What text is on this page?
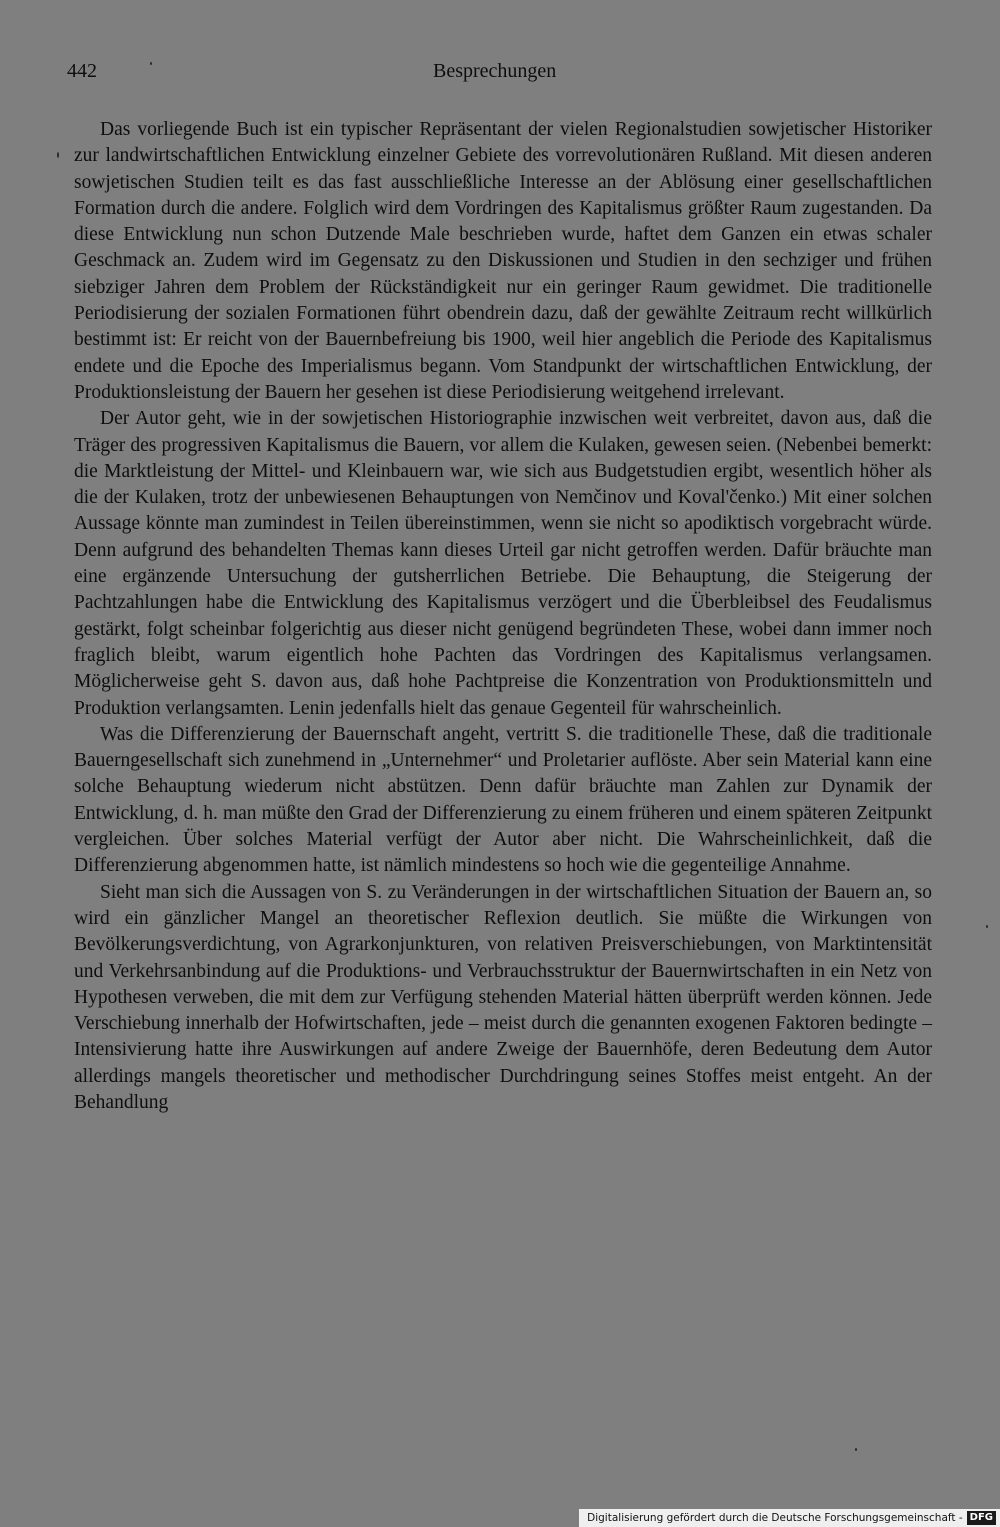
442	Besprechungen

Das vorliegende Buch ist ein typischer Repräsentant der vielen Regionalstudien sowjetischer Historiker zur landwirtschaftlichen Entwicklung einzelner Gebiete des vorrevolutionären Rußland. Mit diesen anderen sowjetischen Studien teilt es das fast ausschließliche Interesse an der Ablösung einer gesellschaftlichen Formation durch die andere. Folglich wird dem Vordringen des Kapitalismus größter Raum zugestanden. Da diese Entwicklung nun schon Dutzende Male beschrieben wurde, haftet dem Ganzen ein etwas schaler Geschmack an. Zudem wird im Gegensatz zu den Diskussionen und Studien in den sechziger und frühen siebziger Jahren dem Problem der Rückständigkeit nur ein geringer Raum gewidmet. Die traditionelle Periodisierung der sozialen Formationen führt obendrein dazu, daß der gewählte Zeitraum recht willkürlich bestimmt ist: Er reicht von der Bauernbefreiung bis 1900, weil hier angeblich die Periode des Kapitalismus endete und die Epoche des Imperialismus begann. Vom Standpunkt der wirtschaftlichen Entwicklung, der Produktionsleistung der Bauern her gesehen ist diese Periodisierung weitgehend irrelevant.

Der Autor geht, wie in der sowjetischen Historiographie inzwischen weit verbreitet, davon aus, daß die Träger des progressiven Kapitalismus die Bauern, vor allem die Kulaken, gewesen seien. (Nebenbei bemerkt: die Marktleistung der Mittel- und Kleinbauern war, wie sich aus Budgetstudien ergibt, wesentlich höher als die der Kulaken, trotz der unbewiesenen Behauptungen von Nemčinov und Koval'čenko.) Mit einer solchen Aussage könnte man zumindest in Teilen übereinstimmen, wenn sie nicht so apodiktisch vorgebracht würde. Denn aufgrund des behandelten Themas kann dieses Urteil gar nicht getroffen werden. Dafür bräuchte man eine ergänzende Untersuchung der gutsherrlichen Betriebe. Die Behauptung, die Steigerung der Pachtzahlungen habe die Entwicklung des Kapitalismus verzögert und die Überbleibsel des Feudalismus gestärkt, folgt scheinbar folgerichtig aus dieser nicht genügend begründeten These, wobei dann immer noch fraglich bleibt, warum eigentlich hohe Pachten das Vordringen des Kapitalismus verlangsamen. Möglicherweise geht S. davon aus, daß hohe Pachtpreise die Konzentration von Produktionsmitteln und Produktion verlangsamten. Lenin jedenfalls hielt das genaue Gegenteil für wahrscheinlich.

Was die Differenzierung der Bauernschaft angeht, vertritt S. die traditionelle These, daß die traditionale Bauerngesellschaft sich zunehmend in „Unternehmer“ und Proletarier auflöste. Aber sein Material kann eine solche Behauptung wiederum nicht abstützen. Denn dafür bräuchte man Zahlen zur Dynamik der Entwicklung, d. h. man müßte den Grad der Differenzierung zu einem früheren und einem späteren Zeitpunkt vergleichen. Über solches Material verfügt der Autor aber nicht. Die Wahrscheinlichkeit, daß die Differenzierung abgenommen hatte, ist nämlich mindestens so hoch wie die gegenteilige Annahme.

Sieht man sich die Aussagen von S. zu Veränderungen in der wirtschaftlichen Situation der Bauern an, so wird ein gänzlicher Mangel an theoretischer Reflexion deutlich. Sie müßte die Wirkungen von Bevölkerungsverdichtung, von Agrarkonjunkturen, von relativen Preisverschiebungen, von Marktintensität und Verkehrsanbindung auf die Produktions- und Verbrauchsstruktur der Bauernwirtschaften in ein Netz von Hypothesen verweben, die mit dem zur Verfügung stehenden Material hätten überprüft werden können. Jede Verschiebung innerhalb der Hofwirtschaften, jede – meist durch die genannten exogenen Faktoren bedingte – Intensivierung hatte ihre Auswirkungen auf andere Zweige der Bauernhöfe, deren Bedeutung dem Autor allerdings mangels theoretischer und methodischer Durchdringung seines Stoffes meist entgeht. An der Behandlung

Digitalisierung gefördert durch die Deutsche Forschungsgemeinschaft - DFG
